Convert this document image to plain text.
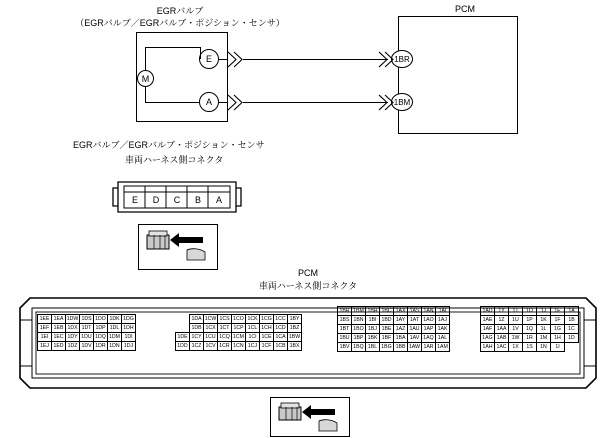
EGRバルブ
（EGRバルブ／EGRバルブ・ポジション・センサ）
PCM
M
E
A
1BR
1BM
EGRバルブ／EGRバルブ・ポジション・センサ
車両ハーネス側コネクタ
E	D	C	B	A
PCM
車両ハーネス側コネクタ
1EE	1EA	1DW	1DS	1DO	1DK	1DG
1EF	1EB	1DX	1DT	1DP	1DL	1DH
1EI	1EC	1DY	1DU	1DQ	1DM	1DI
1EJ	1ED	1DZ	1DV	1DR	1DN	1DJ
	1DA	1CW	1CS	1CO	1CK	1CG	1CC	1BY
	1DB	1CX	1CT	1CP	1CL	1CH	1CD	1BZ
1DE	1CY	1CU	1CQ	1CM	1CI	1CE	1CA	1BW
1DD	1CZ	1CV	1CR	1CN	1CJ	1CF	1CB	1BX
1BR	1BM	1BH	1BC	1AX	1AS	1AN	1AI
1BS	1BN	1BI	1BD	1AY	1AT	1AO	1AJ
1BT	1BO	1BJ	1BE	1AZ	1AU	1AP	1AK
1BU	1BP	1BK	1BF	1BA	1AV	1AQ	1AL
1BV	1BQ	1BL	1BG	1BB	1AW	1AR	1AM
1AD	1Y	1T	1O	1J	1E	1A
1AE	1Z	1U	1P	1K	1F	1B
1AF	1AA	1V	1Q	1L	1G	1C
1AG	1AB	1W	1R	1M	1H	1D
1AH	1AC	1X	1S	1N	1I	
